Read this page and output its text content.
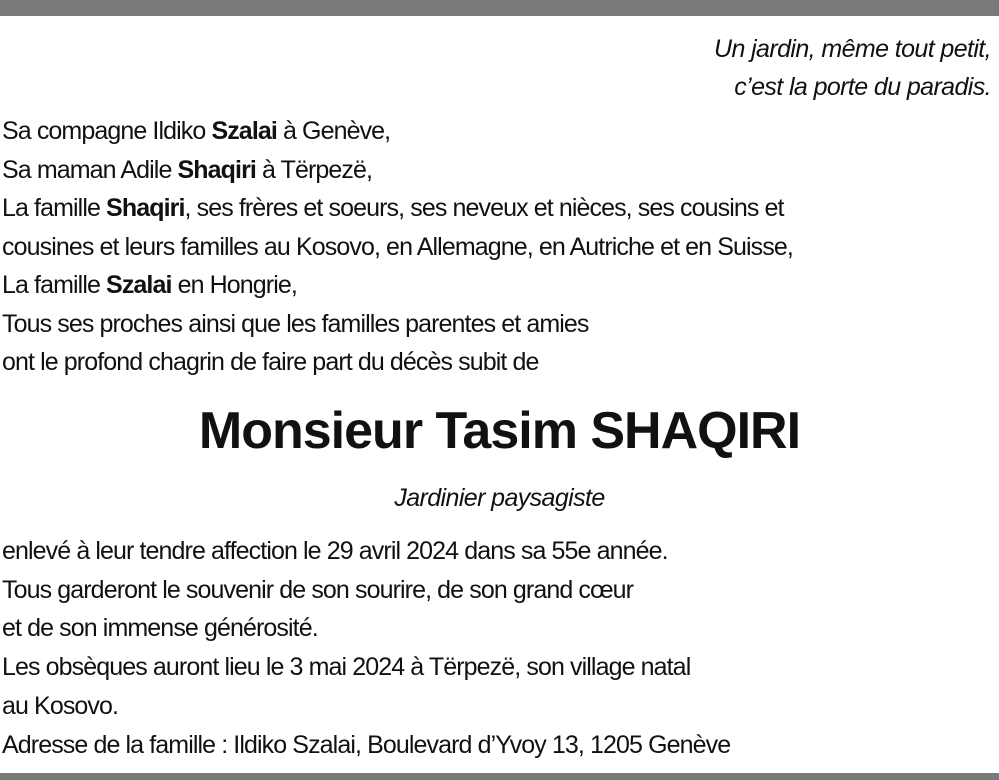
Un jardin, même tout petit,
c’est la porte du paradis.
Sa compagne Ildiko Szalai à Genève,
Sa maman Adile Shaqiri à Tërpezë,
La famille Shaqiri, ses frères et soeurs, ses neveux et nièces, ses cousins et
cousines et leurs familles au Kosovo, en Allemagne, en Autriche et en Suisse,
La famille Szalai en Hongrie,
Tous ses proches ainsi que les familles parentes et amies
ont le profond chagrin de faire part du décès subit de
Monsieur Tasim SHAQIRI
Jardinier paysagiste
enlevé à leur tendre affection le 29 avril 2024 dans sa 55e année.
Tous garderont le souvenir de son sourire, de son grand cœur
et de son immense générosité.
Les obsèques auront lieu le 3 mai 2024 à Tërpezë, son village natal
au Kosovo.
Adresse de la famille : Ildiko Szalai, Boulevard d’Yvoy 13, 1205 Genève
